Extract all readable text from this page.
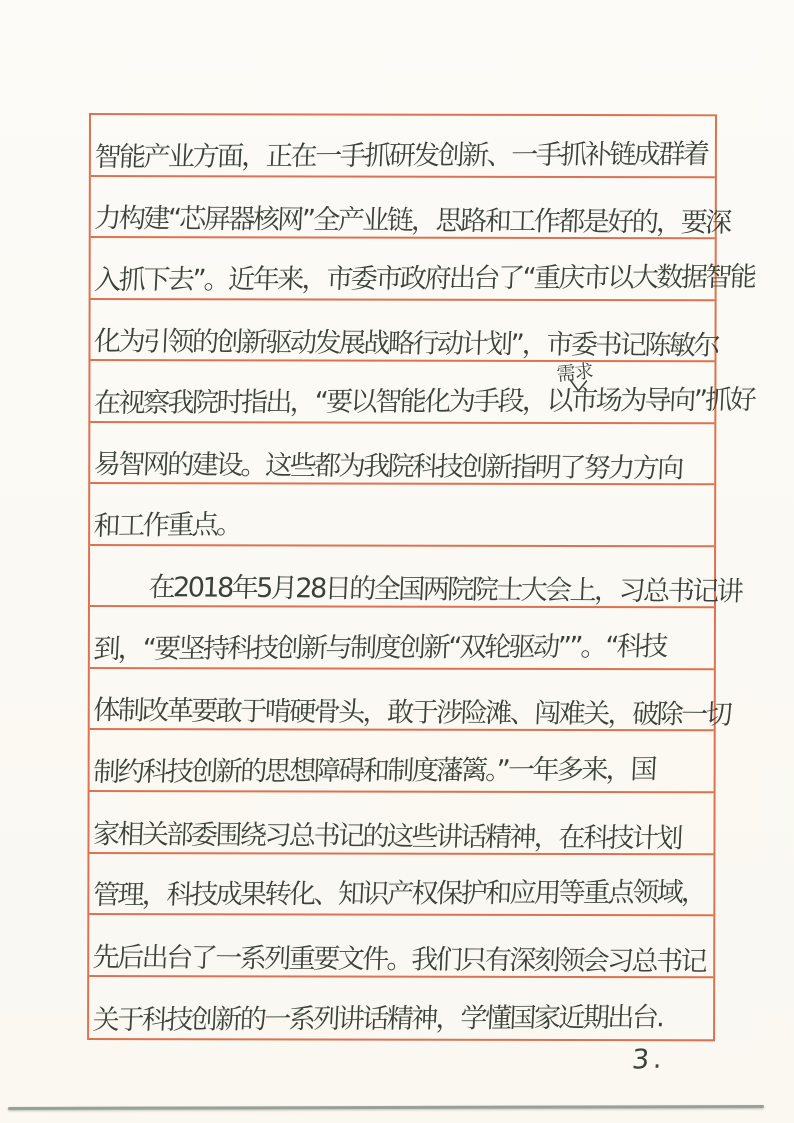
智能产业方面，正在一手抓研发创新、一手抓补链成群着
力构建“芯屏器核网”全产业链，思路和工作都是好的，要深
入抓下去”。近年来，市委市政府出台了“重庆市以大数据智能
化为引领的创新驱动发展战略行动计划”，市委书记陈敏尔
在视察我院时指出，“要以智能化为手段，以市场为导向”抓好
易智网的建设。这些都为我院科技创新指明了努力方向
和工作重点。
在2018年5月28日的全国两院院士大会上，习总书记讲
到，“要坚持科技创新与制度创新“双轮驱动””。“科技
体制改革要敢于啃硬骨头，敢于涉险滩、闯难关，破除一切
制约科技创新的思想障碍和制度藩篱。”一年多来，国
家相关部委围绕习总书记的这些讲话精神，在科技计划
管理，科技成果转化、知识产权保护和应用等重点领域，
先后出台了一系列重要文件。我们只有深刻领会习总书记
关于科技创新的一系列讲话精神，学懂国家近期出台.
需求
3.
